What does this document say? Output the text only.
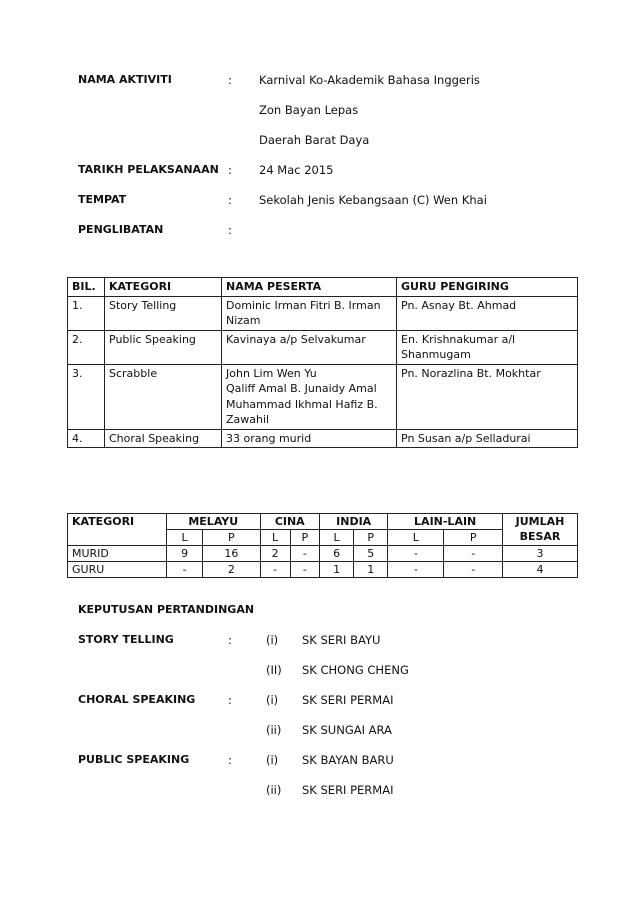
NAMA AKTIVITI	:	Karnival Ko-Akademik Bahasa Inggeris
Zon Bayan Lepas
Daerah Barat Daya
TARIKH PELAKSANAAN :	24 Mac 2015
TEMPAT	:	Sekolah Jenis Kebangsaan (C) Wen Khai
PENGLIBATAN	:
BIL.	KATEGORI	NAMA PESERTA	GURU PENGIRING
1.	Story Telling	Dominic Irman Fitri B. Irman Nizam	Pn. Asnay Bt. Ahmad

2.	Public Speaking	Kavinaya a/p Selvakumar	En. Krishnakumar a/l Shanmugam

3.	Scrabble	John Lim Wen Yu
Qaliff Amal B. Junaidy Amal
Muhammad Ikhmal Hafiz B. Zawahil	Pn. Norazlina Bt. Mokhtar

4.	Choral Speaking	33 orang murid	Pn Susan a/p Selladurai
KATEGORI	MELAYU		CINA		INDIA		LAIN-LAIN		JUMLAH BESAR
	L	P	L	P	L	P	L	P	
MURID	9	16	2	-	6	5	-	-	3
GURU	-	2	-	-	1	1	-	-	4
KEPUTUSAN PERTANDINGAN
STORY TELLING	:	(i)	SK SERI BAYU
(II)	SK CHONG CHENG
CHORAL SPEAKING	:	(i)	SK SERI PERMAI
(ii)	SK SUNGAI ARA
PUBLIC SPEAKING	:	(i)	SK BAYAN BARU
(ii)	SK SERI PERMAI
